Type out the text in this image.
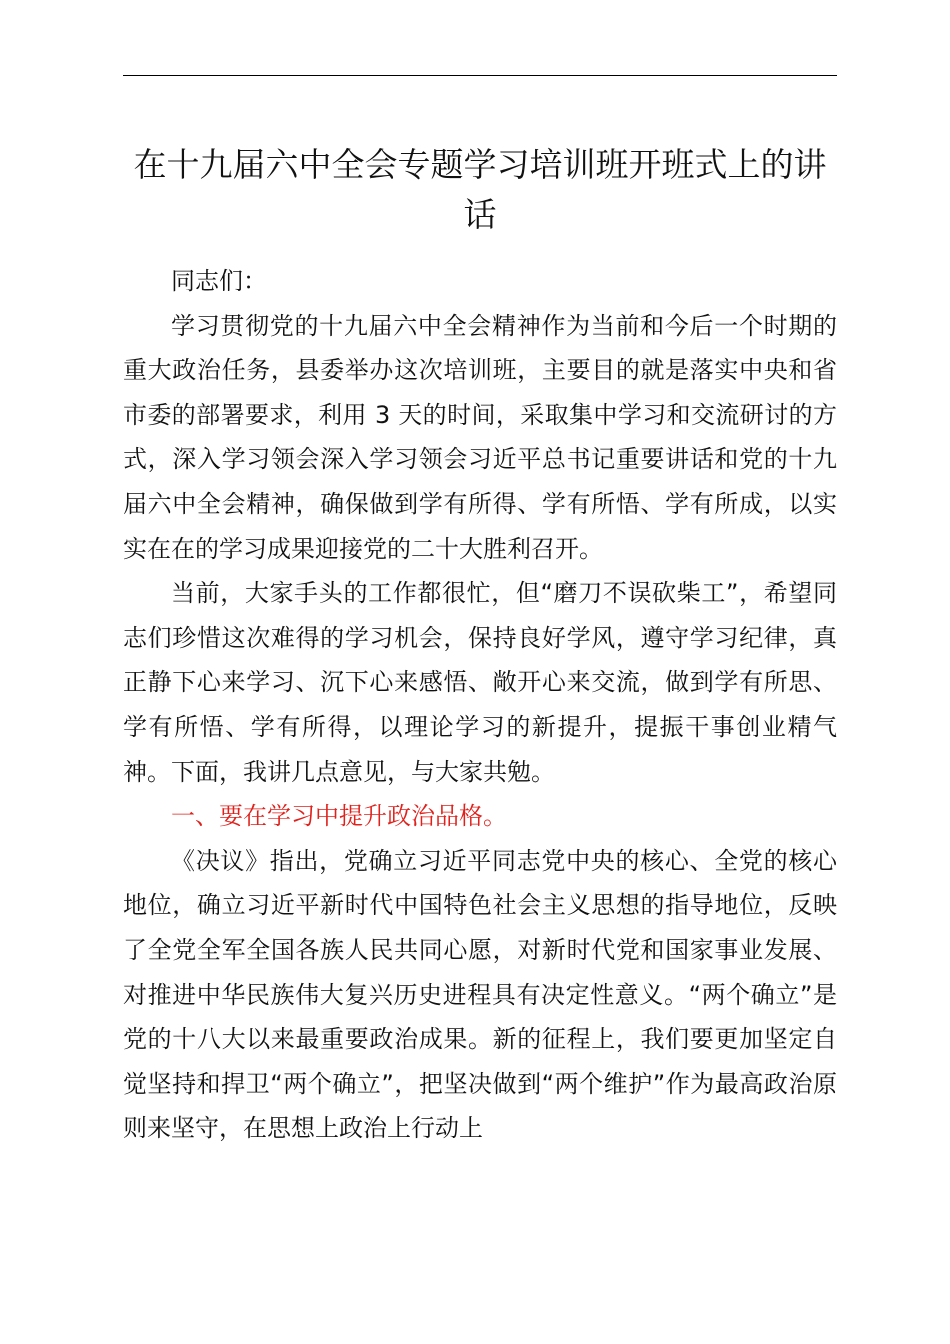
在十九届六中全会专题学习培训班开班式上的讲话

同志们：

学习贯彻党的十九届六中全会精神作为当前和今后一个时期的重大政治任务，县委举办这次培训班，主要目的就是落实中央和省市委的部署要求，利用 3 天的时间，采取集中学习和交流研讨的方式，深入学习领会深入学习领会习近平总书记重要讲话和党的十九届六中全会精神，确保做到学有所得、学有所悟、学有所成，以实实在在的学习成果迎接党的二十大胜利召开。

当前，大家手头的工作都很忙，但“磨刀不误砍柴工”，希望同志们珍惜这次难得的学习机会，保持良好学风，遵守学习纪律，真正静下心来学习、沉下心来感悟、敞开心来交流，做到学有所思、学有所悟、学有所得，以理论学习的新提升，提振干事创业精气神。下面，我讲几点意见，与大家共勉。

一、要在学习中提升政治品格。

《决议》指出，党确立习近平同志党中央的核心、全党的核心地位，确立习近平新时代中国特色社会主义思想的指导地位，反映了全党全军全国各族人民共同心愿，对新时代党和国家事业发展、对推进中华民族伟大复兴历史进程具有决定性意义。“两个确立”是党的十八大以来最重要政治成果。新的征程上，我们要更加坚定自觉坚持和捍卫“两个确立”，把坚决做到“两个维护”作为最高政治原则来坚守，在思想上政治上行动上
